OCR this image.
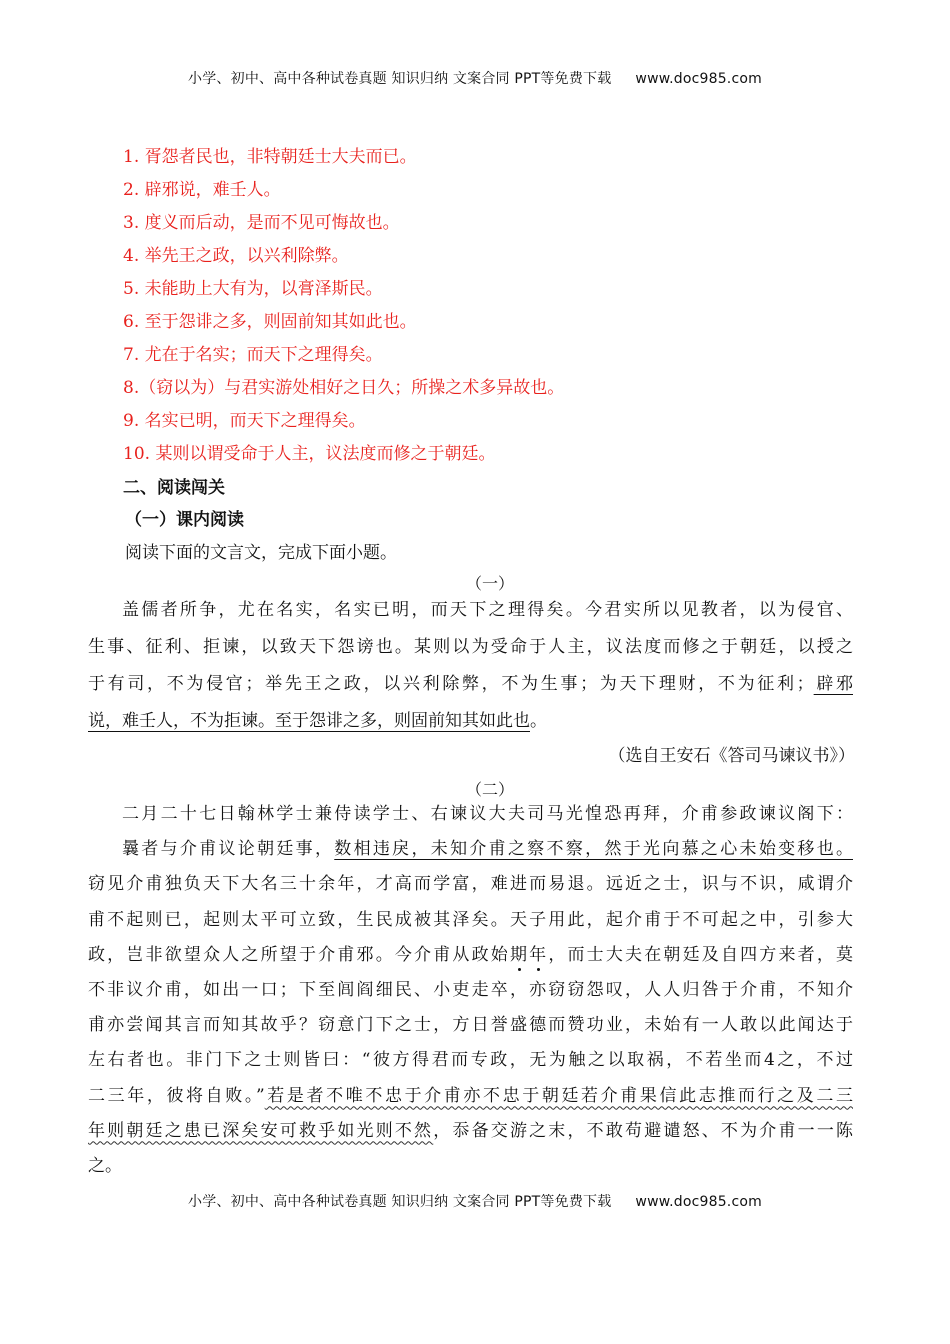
小学、初中、高中各种试卷真题 知识归纳 文案合同 PPT等免费下载 www.doc985.com
1. 胥怨者民也，非特朝廷士大夫而已。
2. 辟邪说，难壬人。
3. 度义而后动，是而不见可悔故也。
4. 举先王之政，以兴利除弊。
5. 未能助上大有为，以膏泽斯民。
6. 至于怨诽之多，则固前知其如此也。
7. 尤在于名实；而天下之理得矣。
8.（窃以为）与君实游处相好之日久；所操之术多异故也。
9. 名实已明，而天下之理得矣。
10. 某则以谓受命于人主，议法度而修之于朝廷。
二、阅读闯关
（一）课内阅读
阅读下面的文言文，完成下面小题。
（一）
盖儒者所争，尤在名实，名实已明，而天下之理得矣。今君实所以见教者，以为侵官、
生事、征利、拒谏，以致天下怨谤也。某则以为受命于人主，议法度而修之于朝廷，以授之
于有司，不为侵官；举先王之政，以兴利除弊，不为生事；为天下理财，不为征利；辟邪
说，难壬人，不为拒谏。至于怨诽之多，则固前知其如此也。
（选自王安石《答司马谏议书》）
（二）
二月二十七日翰林学士兼侍读学士、右谏议大夫司马光惶恐再拜，介甫参政谏议阁下：
曩者与介甫议论朝廷事，数相违戾，未知介甫之察不察，然于光向慕之心未始变移也。
窃见介甫独负天下大名三十余年，才高而学富，难进而易退。远近之士，识与不识，咸谓介
甫不起则已，起则太平可立致，生民成被其泽矣。天子用此，起介甫于不可起之中，引参大
政，岂非欲望众人之所望于介甫邪。今介甫从政始期年，而士大夫在朝廷及自四方来者，莫
不非议介甫，如出一口；下至闾阎细民、小吏走卒，亦窃窃怨叹，人人归咎于介甫，不知介
甫亦尝闻其言而知其故乎？窃意门下之士，方日誉盛德而赞功业，未始有一人敢以此闻达于
左右者也。非门下之士则皆曰：“彼方得君而专政，无为触之以取祸，不若坐而4之，不过
二三年，彼将自败。”若是者不唯不忠于介甫亦不忠于朝廷若介甫果信此志推而行之及二三
年则朝廷之患已深矣安可救乎如光则不然，忝备交游之末，不敢苟避谴怒、不为介甫一一陈
之。
小学、初中、高中各种试卷真题 知识归纳 文案合同 PPT等免费下载 www.doc985.com
